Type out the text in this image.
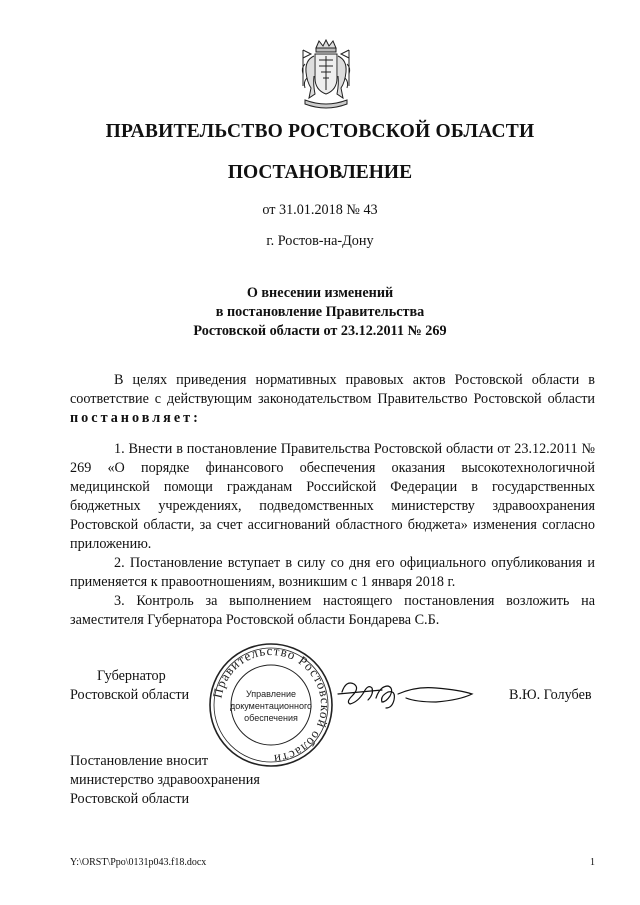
ПРАВИТЕЛЬСТВО РОСТОВСКОЙ ОБЛАСТИ
ПОСТАНОВЛЕНИЕ
от 31.01.2018 № 43
г. Ростов-на-Дону
О внесении изменений
в постановление Правительства
Ростовской области от 23.12.2011 № 269

В целях приведения нормативных правовых актов Ростовской области в соответствие с действующим законодательством Правительство Ростовской области постановляет:

1. Внести в постановление Правительства Ростовской области от 23.12.2011 № 269 «О порядке финансового обеспечения оказания высокотехнологичной медицинской помощи гражданам Российской Федерации в государственных бюджетных учреждениях, подведомственных министерству здравоохранения Ростовской области, за счет ассигнований областного бюджета» изменения согласно приложению.

2. Постановление вступает в силу со дня его официального опубликования и применяется к правоотношениям, возникшим с 1 января 2018 г.

3. Контроль за выполнением настоящего постановления возложить на заместителя Губернатора Ростовской области Бондарева С.Б.

Губернатор
Ростовской области	Правительство Ростовской области
Управление
документационного
обеспечения
В.Ю. Голубев
Постановление вносит
министерство здравоохранения
Ростовской области
Y:\ORST\Ppo\0131p043.f18.docx	1
